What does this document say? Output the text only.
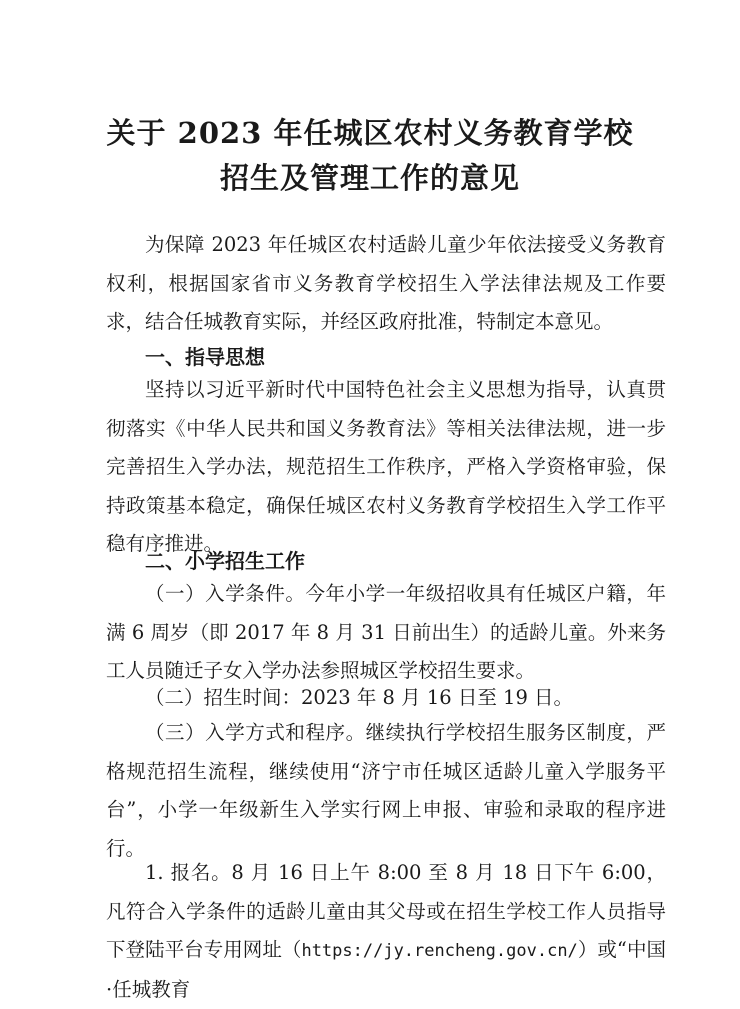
关于 2023 年任城区农村义务教育学校
招生及管理工作的意见

为保障 2023 年任城区农村适龄儿童少年依法接受义务教育权利，根据国家省市义务教育学校招生入学法律法规及工作要求，结合任城教育实际，并经区政府批准，特制定本意见。

一、指导思想

坚持以习近平新时代中国特色社会主义思想为指导，认真贯彻落实《中华人民共和国义务教育法》等相关法律法规，进一步完善招生入学办法，规范招生工作秩序，严格入学资格审验，保持政策基本稳定，确保任城区农村义务教育学校招生入学工作平稳有序推进。

二、小学招生工作

（一）入学条件。今年小学一年级招收具有任城区户籍，年满 6 周岁（即 2017 年 8 月 31 日前出生）的适龄儿童。外来务工人员随迁子女入学办法参照城区学校招生要求。

（二）招生时间：2023 年 8 月 16 日至 19 日。

（三）入学方式和程序。继续执行学校招生服务区制度，严格规范招生流程，继续使用“济宁市任城区适龄儿童入学服务平台”，小学一年级新生入学实行网上申报、审验和录取的程序进行。

1. 报名。8 月 16 日上午 8:00 至 8 月 18 日下午 6:00，凡符合入学条件的适龄儿童由其父母或在招生学校工作人员指导下登陆平台专用网址（https://jy.rencheng.gov.cn/）或“中国·任城教育
